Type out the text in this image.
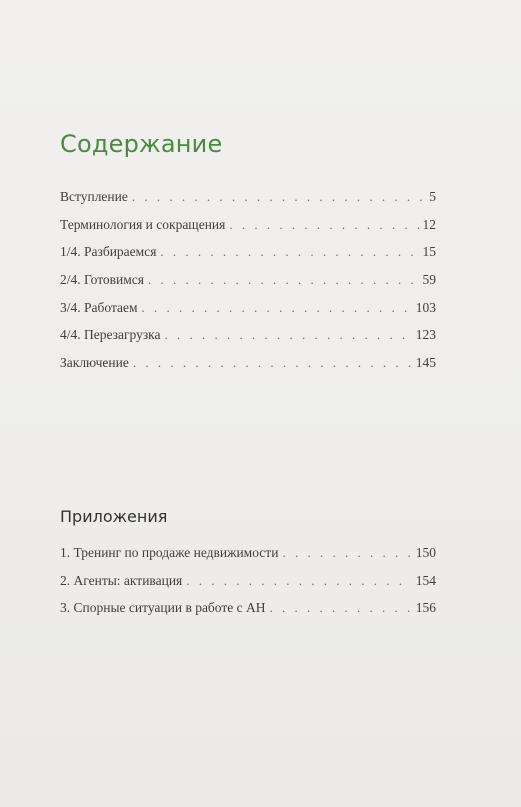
Содержание
Вступление . . .	5
Терминология и сокращения . . .	12
1/4. Разбираемся . . .	15
2/4. Готовимся . . .	59
3/4. Работаем . . .	103
4/4. Перезагрузка . . .	123
Заключение . . .	145
Приложения
1. Тренинг по продаже недвижимости . . .	150
2. Агенты: активация . . .	154
3. Спорные ситуации в работе с АН . . .	156
